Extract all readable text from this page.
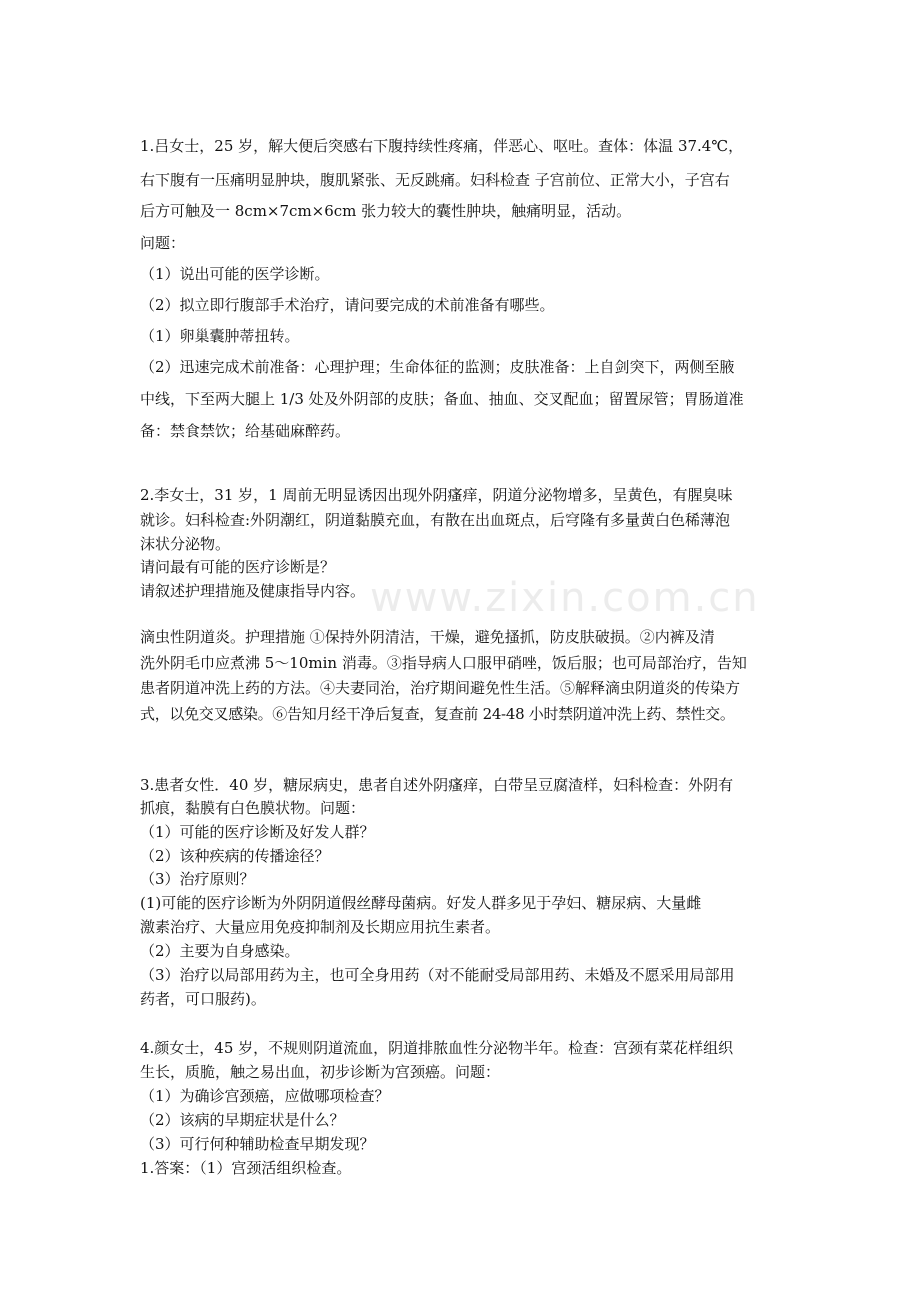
www.zixin.com.cn
1.吕女士，25 岁，解大便后突感右下腹持续性疼痛，伴恶心、呕吐。查体：体温 37.4℃，
右下腹有一压痛明显肿块，腹肌紧张、无反跳痛。妇科检查 子宫前位、正常大小，子宫右
后方可触及一 8cm×7cm×6cm 张力较大的囊性肿块，触痛明显，活动。
问题：
（1）说出可能的医学诊断。
（2）拟立即行腹部手术治疗，请问要完成的术前准备有哪些。
（1）卵巢囊肿蒂扭转。
（2）迅速完成术前准备：心理护理；生命体征的监测；皮肤准备：上自剑突下，两侧至腋
中线，下至两大腿上 1/3 处及外阴部的皮肤；备血、抽血、交叉配血；留置尿管；胃肠道准
备：禁食禁饮；给基础麻醉药。
2.李女士，31 岁，1 周前无明显诱因出现外阴瘙痒，阴道分泌物增多，呈黄色，有腥臭味
就诊。妇科检查:外阴潮红，阴道黏膜充血，有散在出血斑点，后穹隆有多量黄白色稀薄泡
沫状分泌物。
请问最有可能的医疗诊断是？
请叙述护理措施及健康指导内容。
滴虫性阴道炎。护理措施 ①保持外阴清洁，干燥，避免搔抓，防皮肤破损。②内裤及清
洗外阴毛巾应煮沸 5～10min 消毒。③指导病人口服甲硝唑，饭后服；也可局部治疗，告知
患者阴道冲洗上药的方法。④夫妻同治，治疗期间避免性生活。⑤解释滴虫阴道炎的传染方
式，以免交叉感染。⑥告知月经干净后复查，复查前 24-48 小时禁阴道冲洗上药、禁性交。
3.患者女性．40 岁，糖尿病史，患者自述外阴瘙痒，白带呈豆腐渣样，妇科检查：外阴有
抓痕，黏膜有白色膜状物。问题：
（1）可能的医疗诊断及好发人群？
（2）该种疾病的传播途径？
（3）治疗原则？
(1)可能的医疗诊断为外阴阴道假丝酵母菌病。好发人群多见于孕妇、糖尿病、大量雌
激素治疗、大量应用免疫抑制剂及长期应用抗生素者。
（2）主要为自身感染。
（3）治疗以局部用药为主，也可全身用药（对不能耐受局部用药、未婚及不愿采用局部用
药者，可口服药)。
4.颜女士，45 岁，不规则阴道流血，阴道排脓血性分泌物半年。检查：宫颈有菜花样组织
生长，质脆，触之易出血，初步诊断为宫颈癌。问题：
（1）为确诊宫颈癌，应做哪项检查？
（2）该病的早期症状是什么？
（3）可行何种辅助检查早期发现？
1.答案：（1）宫颈活组织检查。
